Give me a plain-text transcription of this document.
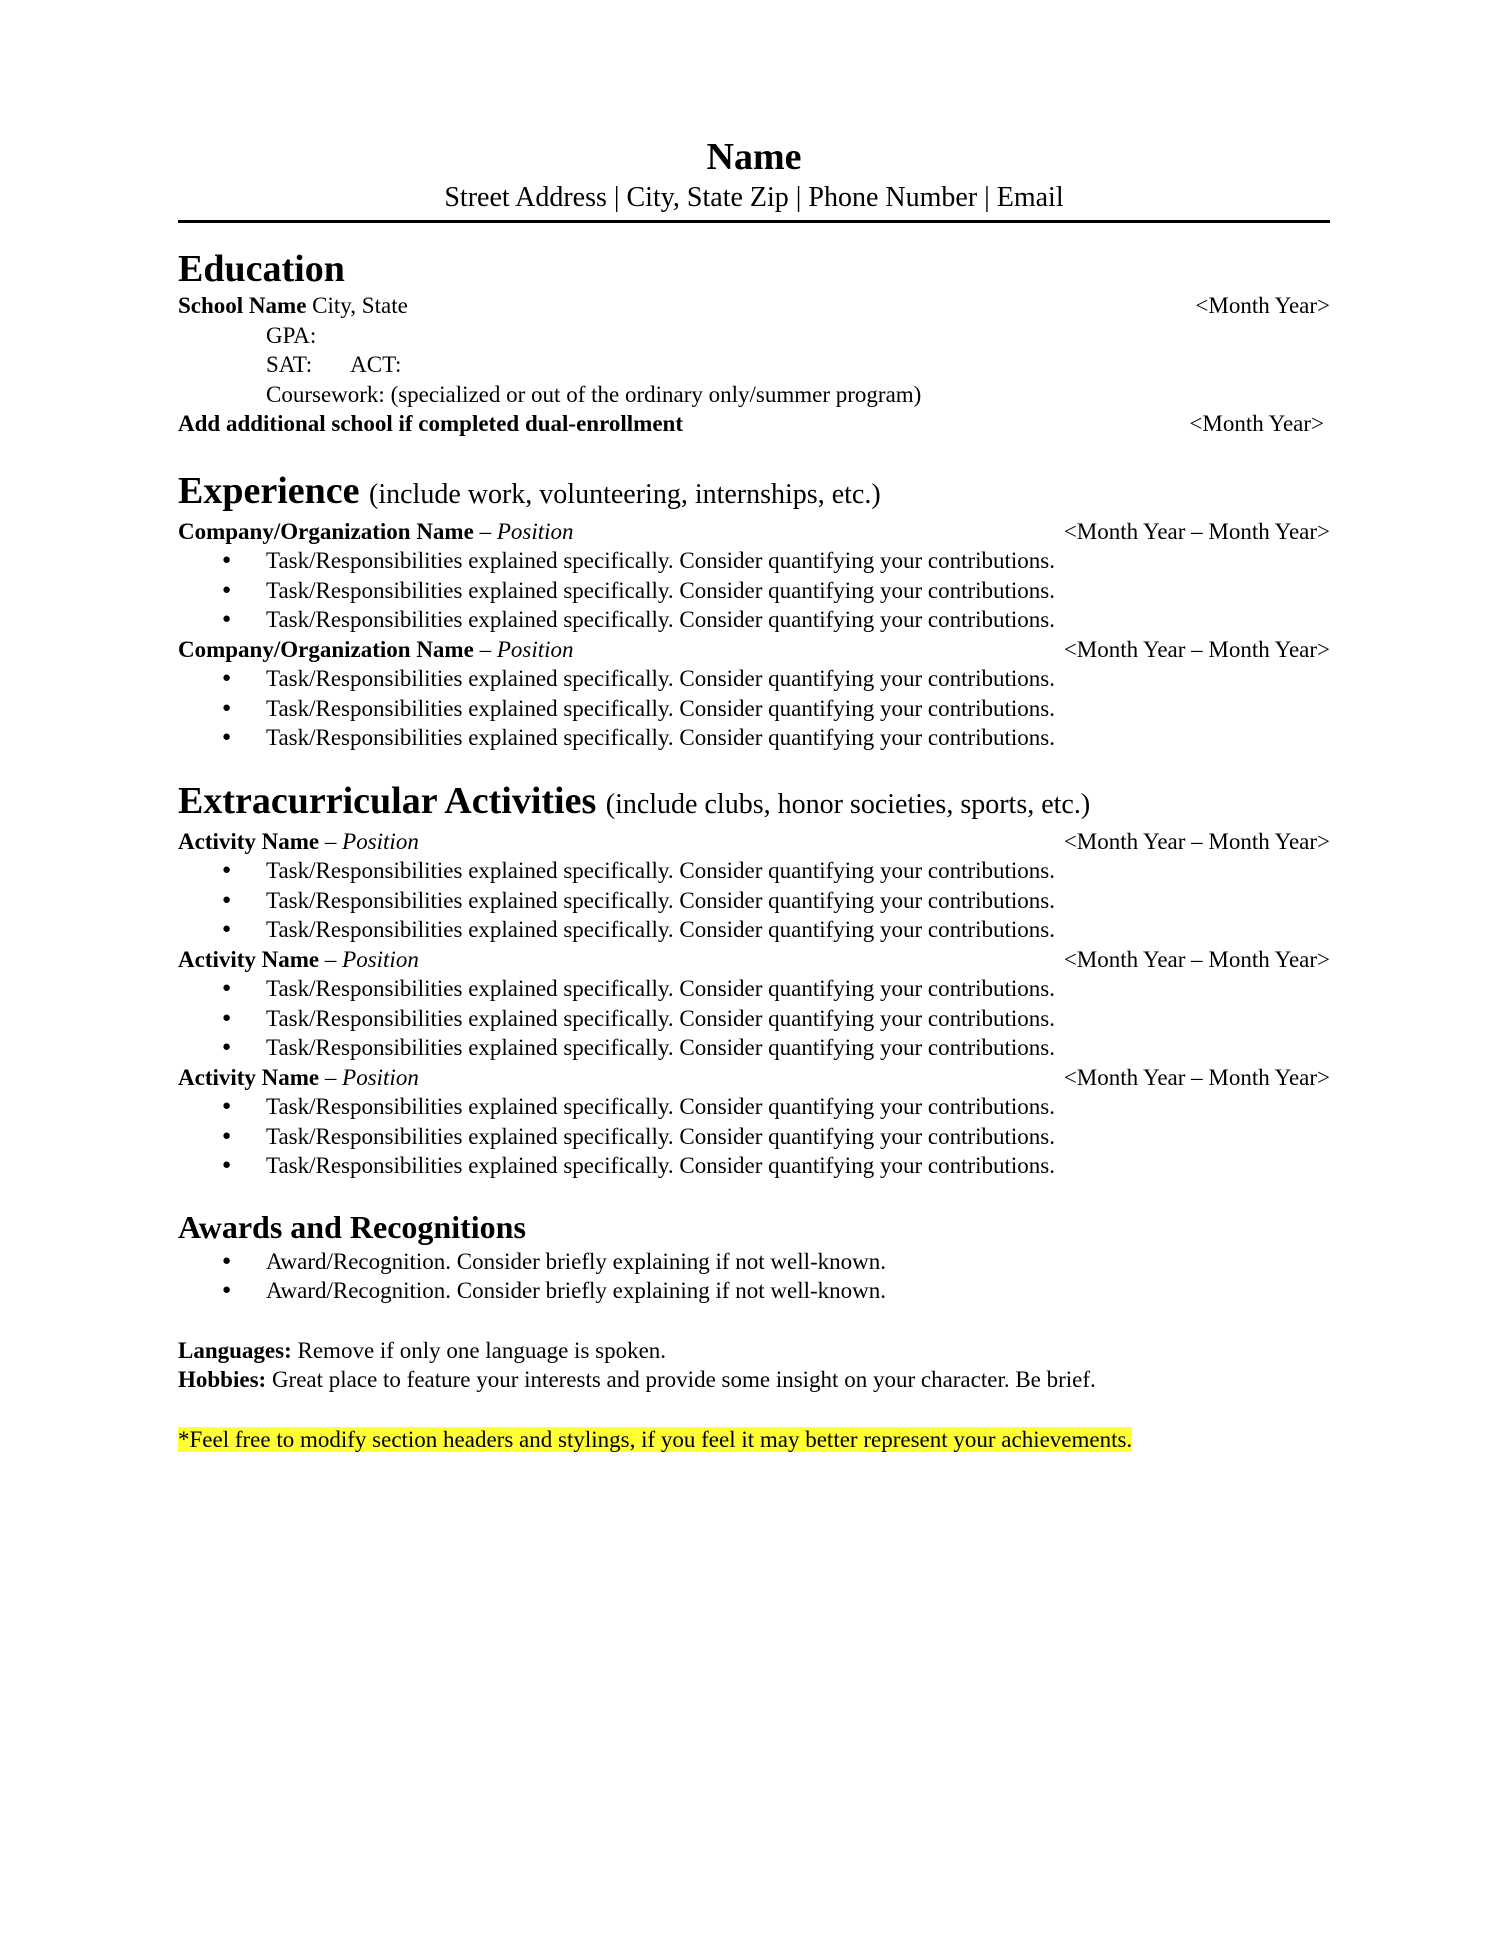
Name
Street Address | City, State Zip | Phone Number | Email
Education
School Name City, State	<Month Year>
GPA:
SAT: ACT:
Coursework: (specialized or out of the ordinary only/summer program)
Add additional school if completed dual-enrollment	<Month Year>
Experience (include work, volunteering, internships, etc.)
Company/Organization Name – Position	<Month Year – Month Year>
● Task/Responsibilities explained specifically. Consider quantifying your contributions.
● Task/Responsibilities explained specifically. Consider quantifying your contributions.
● Task/Responsibilities explained specifically. Consider quantifying your contributions.
Company/Organization Name – Position	<Month Year – Month Year>
● Task/Responsibilities explained specifically. Consider quantifying your contributions.
● Task/Responsibilities explained specifically. Consider quantifying your contributions.
● Task/Responsibilities explained specifically. Consider quantifying your contributions.
Extracurricular Activities (include clubs, honor societies, sports, etc.)
Activity Name – Position	<Month Year – Month Year>
● Task/Responsibilities explained specifically. Consider quantifying your contributions.
● Task/Responsibilities explained specifically. Consider quantifying your contributions.
● Task/Responsibilities explained specifically. Consider quantifying your contributions.
Activity Name – Position	<Month Year – Month Year>
● Task/Responsibilities explained specifically. Consider quantifying your contributions.
● Task/Responsibilities explained specifically. Consider quantifying your contributions.
● Task/Responsibilities explained specifically. Consider quantifying your contributions.
Activity Name – Position	<Month Year – Month Year>
● Task/Responsibilities explained specifically. Consider quantifying your contributions.
● Task/Responsibilities explained specifically. Consider quantifying your contributions.
● Task/Responsibilities explained specifically. Consider quantifying your contributions.
Awards and Recognitions
● Award/Recognition. Consider briefly explaining if not well-known.
● Award/Recognition. Consider briefly explaining if not well-known.
Languages: Remove if only one language is spoken.
Hobbies: Great place to feature your interests and provide some insight on your character. Be brief.
*Feel free to modify section headers and stylings, if you feel it may better represent your achievements.
